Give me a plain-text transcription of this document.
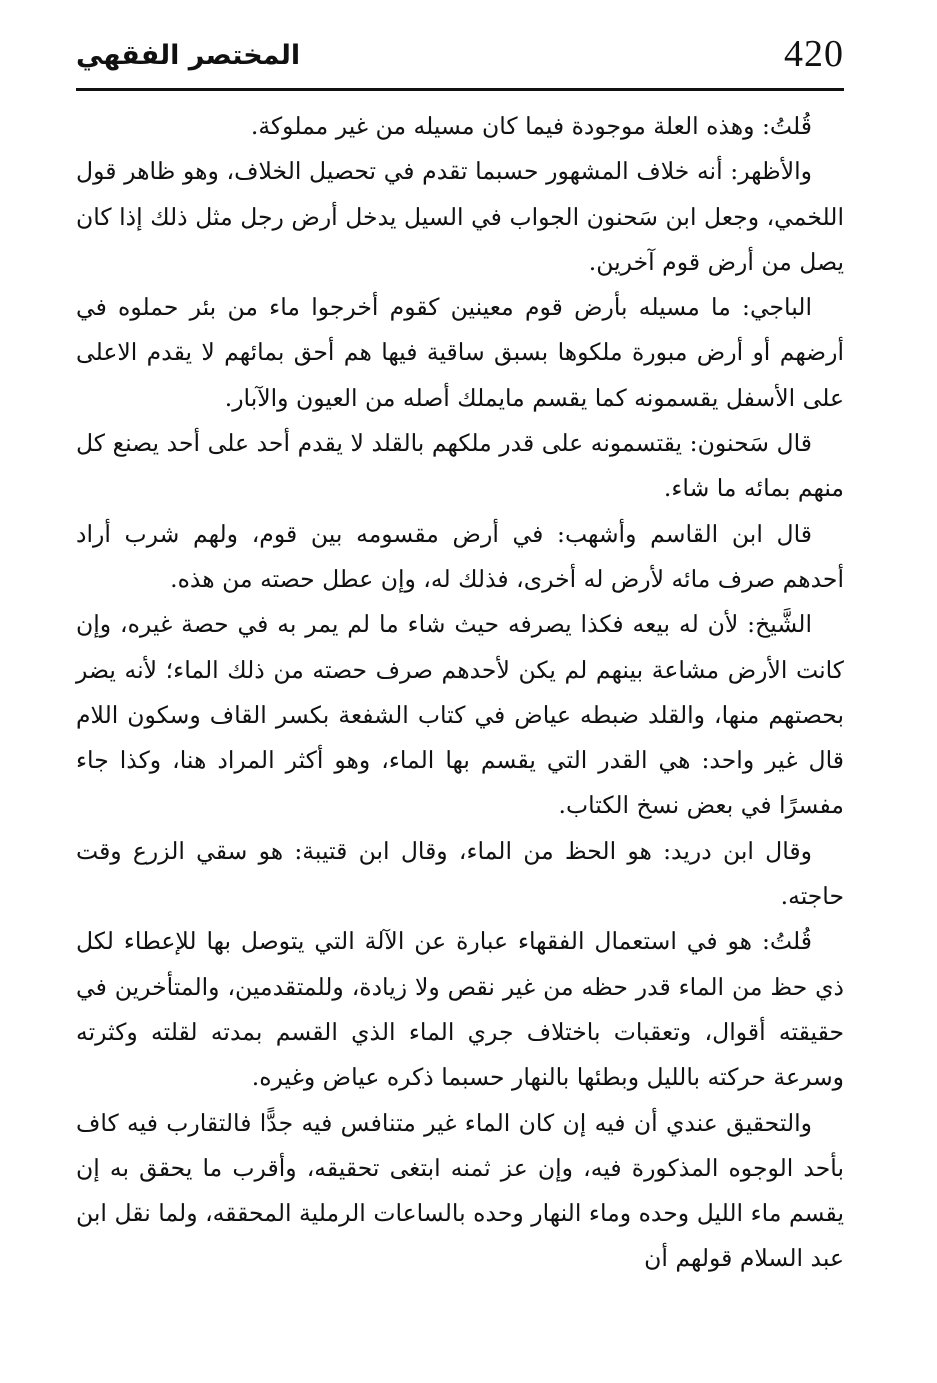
المختصر الفقهي	420

قُلتُ: وهذه العلة موجودة فيما كان مسيله من غير مملوكة.

والأظهر: أنه خلاف المشهور حسبما تقدم في تحصيل الخلاف، وهو ظاهر قول اللخمي، وجعل ابن سَحنون الجواب في السيل يدخل أرض رجل مثل ذلك إذا كان يصل من أرض قوم آخرين.

الباجي: ما مسيله بأرض قوم معينين كقوم أخرجوا ماء من بئر حملوه في أرضهم أو أرض مبورة ملكوها بسبق ساقية فيها هم أحق بمائهم لا يقدم الاعلى على الأسفل يقسمونه كما يقسم مايملك أصله من العيون والآبار.

قال سَحنون: يقتسمونه على قدر ملكهم بالقلد لا يقدم أحد على أحد يصنع كل منهم بمائه ما شاء.

قال ابن القاسم وأشهب: في أرض مقسومه بين قوم، ولهم شرب أراد أحدهم صرف مائه لأرض له أخرى، فذلك له، وإن عطل حصته من هذه.

الشَّيخ: لأن له بيعه فكذا يصرفه حيث شاء ما لم يمر به في حصة غيره، وإن كانت الأرض مشاعة بينهم لم يكن لأحدهم صرف حصته من ذلك الماء؛ لأنه يضر بحصتهم منها، والقلد ضبطه عياض في كتاب الشفعة بكسر القاف وسكون اللام قال غير واحد: هي القدر التي يقسم بها الماء، وهو أكثر المراد هنا، وكذا جاء مفسرًا في بعض نسخ الكتاب.

وقال ابن دريد: هو الحظ من الماء، وقال ابن قتيبة: هو سقي الزرع وقت حاجته.

قُلتُ: هو في استعمال الفقهاء عبارة عن الآلة التي يتوصل بها للإعطاء لكل ذي حظ من الماء قدر حظه من غير نقص ولا زيادة، وللمتقدمين، والمتأخرين في حقيقته أقوال، وتعقبات باختلاف جري الماء الذي القسم بمدته لقلته وكثرته وسرعة حركته بالليل وبطئها بالنهار حسبما ذكره عياض وغيره.

والتحقيق عندي أن فيه إن كان الماء غير متنافس فيه جدًّا فالتقارب فيه كاف بأحد الوجوه المذكورة فيه، وإن عز ثمنه ابتغى تحقيقه، وأقرب ما يحقق به إن يقسم ماء الليل وحده وماء النهار وحده بالساعات الرملية المحققه، ولما نقل ابن عبد السلام قولهم أن
